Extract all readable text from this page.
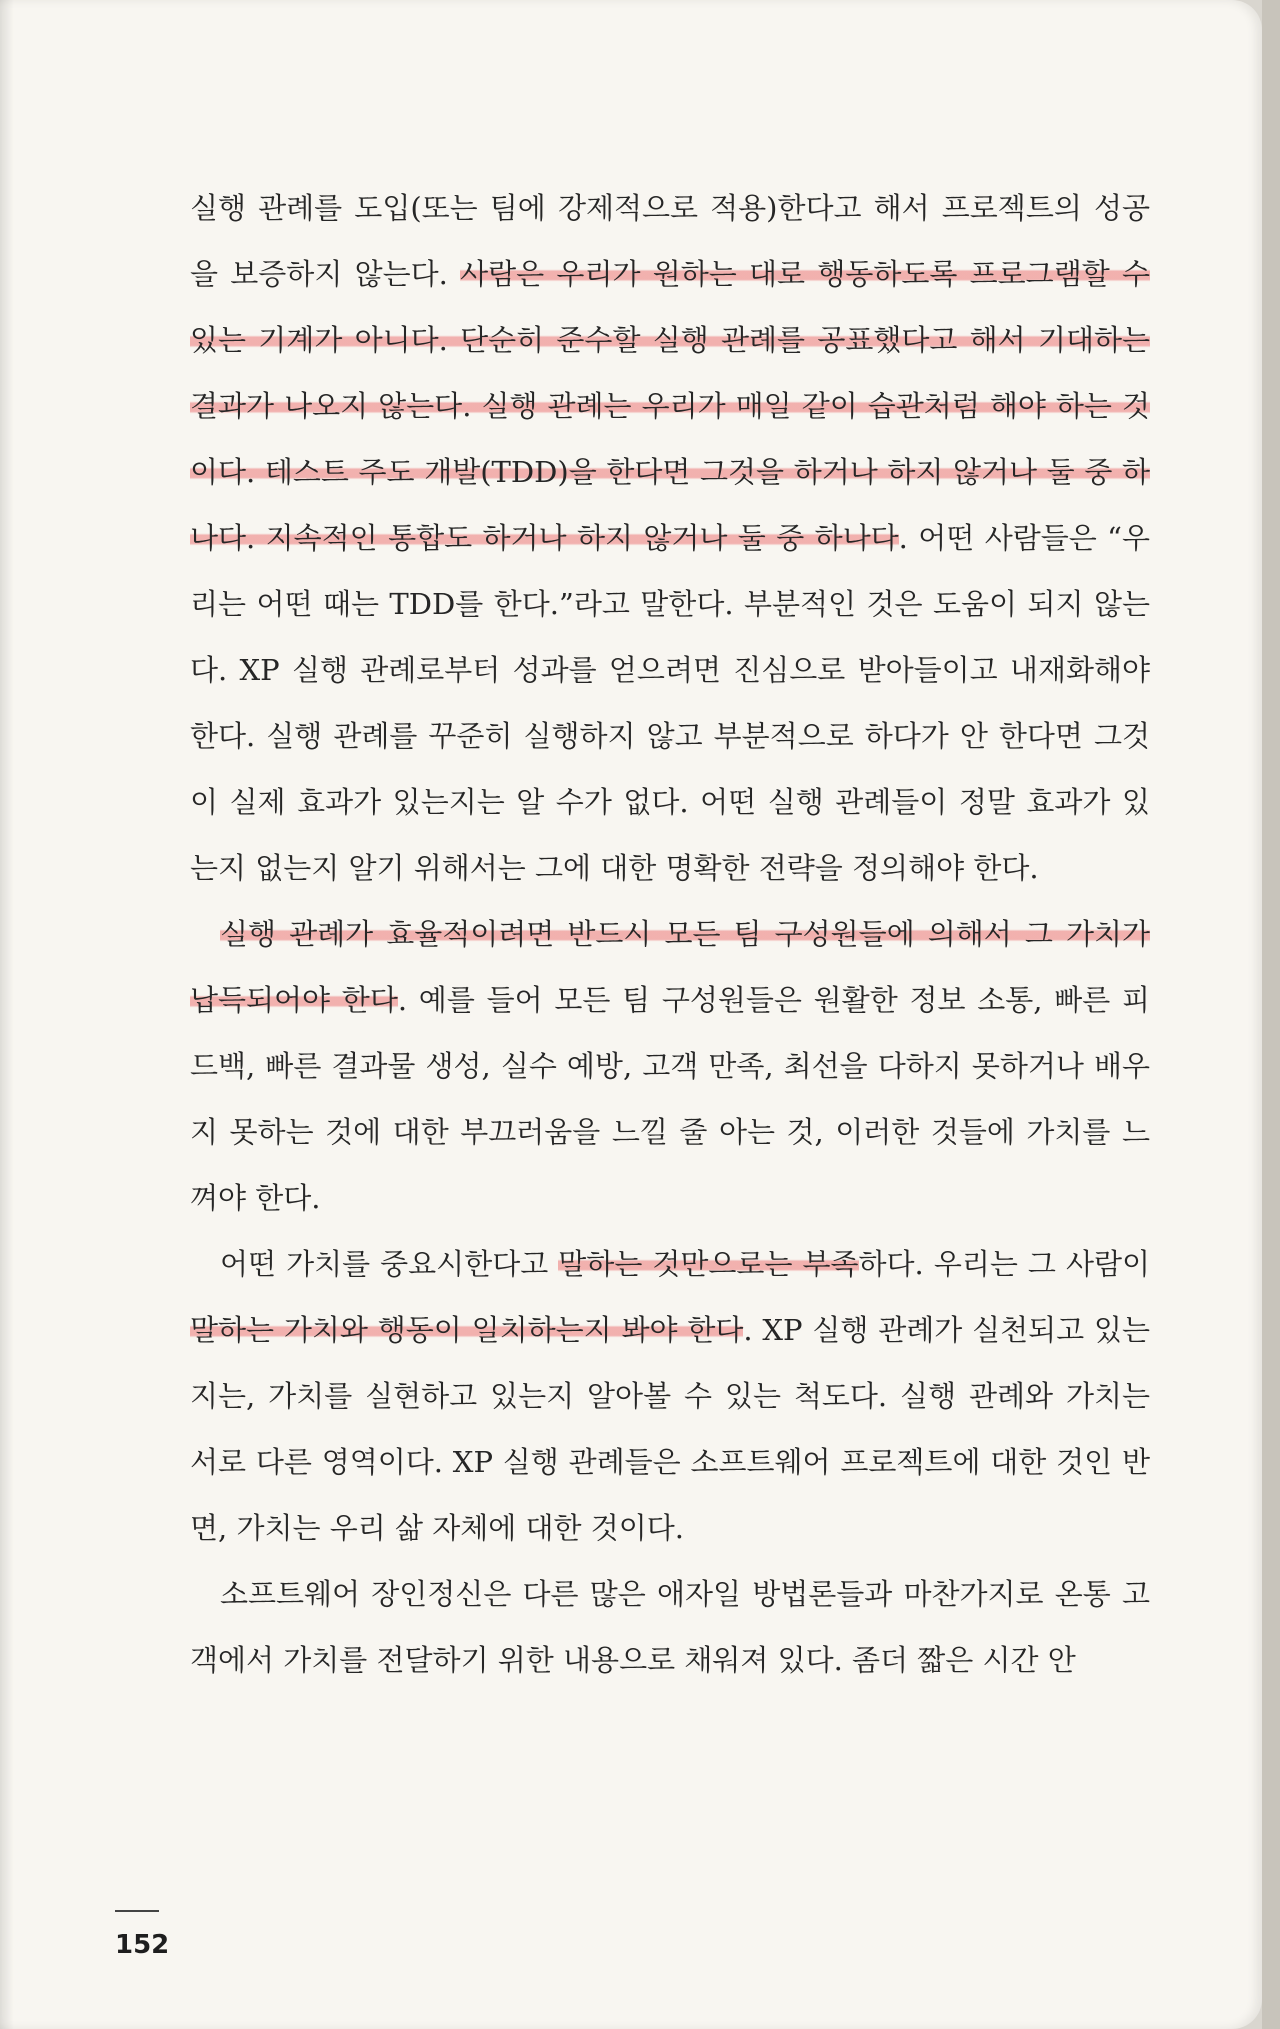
실행 관례를 도입(또는 팀에 강제적으로 적용)한다고 해서 프로젝트의 성공을 보증하지 않는다. 사람은 우리가 원하는 대로 행동하도록 프로그램할 수 있는 기계가 아니다. 단순히 준수할 실행 관례를 공표했다고 해서 기대하는 결과가 나오지 않는다. 실행 관례는 우리가 매일 같이 습관처럼 해야 하는 것이다. 테스트 주도 개발(TDD)을 한다면 그것을 하거나 하지 않거나 둘 중 하나다. 지속적인 통합도 하거나 하지 않거나 둘 중 하나다. 어떤 사람들은 “우리는 어떤 때는 TDD를 한다.”라고 말한다. 부분적인 것은 도움이 되지 않는다. XP 실행 관례로부터 성과를 얻으려면 진심으로 받아들이고 내재화해야 한다. 실행 관례를 꾸준히 실행하지 않고 부분적으로 하다가 안 한다면 그것이 실제 효과가 있는지는 알 수가 없다. 어떤 실행 관례들이 정말 효과가 있는지 없는지 알기 위해서는 그에 대한 명확한 전략을 정의해야 한다.

실행 관례가 효율적이려면 반드시 모든 팀 구성원들에 의해서 그 가치가 납득되어야 한다. 예를 들어 모든 팀 구성원들은 원활한 정보 소통, 빠른 피드백, 빠른 결과물 생성, 실수 예방, 고객 만족, 최선을 다하지 못하거나 배우지 못하는 것에 대한 부끄러움을 느낄 줄 아는 것, 이러한 것들에 가치를 느껴야 한다.

어떤 가치를 중요시한다고 말하는 것만으로는 부족하다. 우리는 그 사람이 말하는 가치와 행동이 일치하는지 봐야 한다. XP 실행 관례가 실천되고 있는지는, 가치를 실현하고 있는지 알아볼 수 있는 척도다. 실행 관례와 가치는 서로 다른 영역이다. XP 실행 관례들은 소프트웨어 프로젝트에 대한 것인 반면, 가치는 우리 삶 자체에 대한 것이다.

소프트웨어 장인정신은 다른 많은 애자일 방법론들과 마찬가지로 온통 고객에서 가치를 전달하기 위한 내용으로 채워져 있다. 좀더 짧은 시간 안

152
